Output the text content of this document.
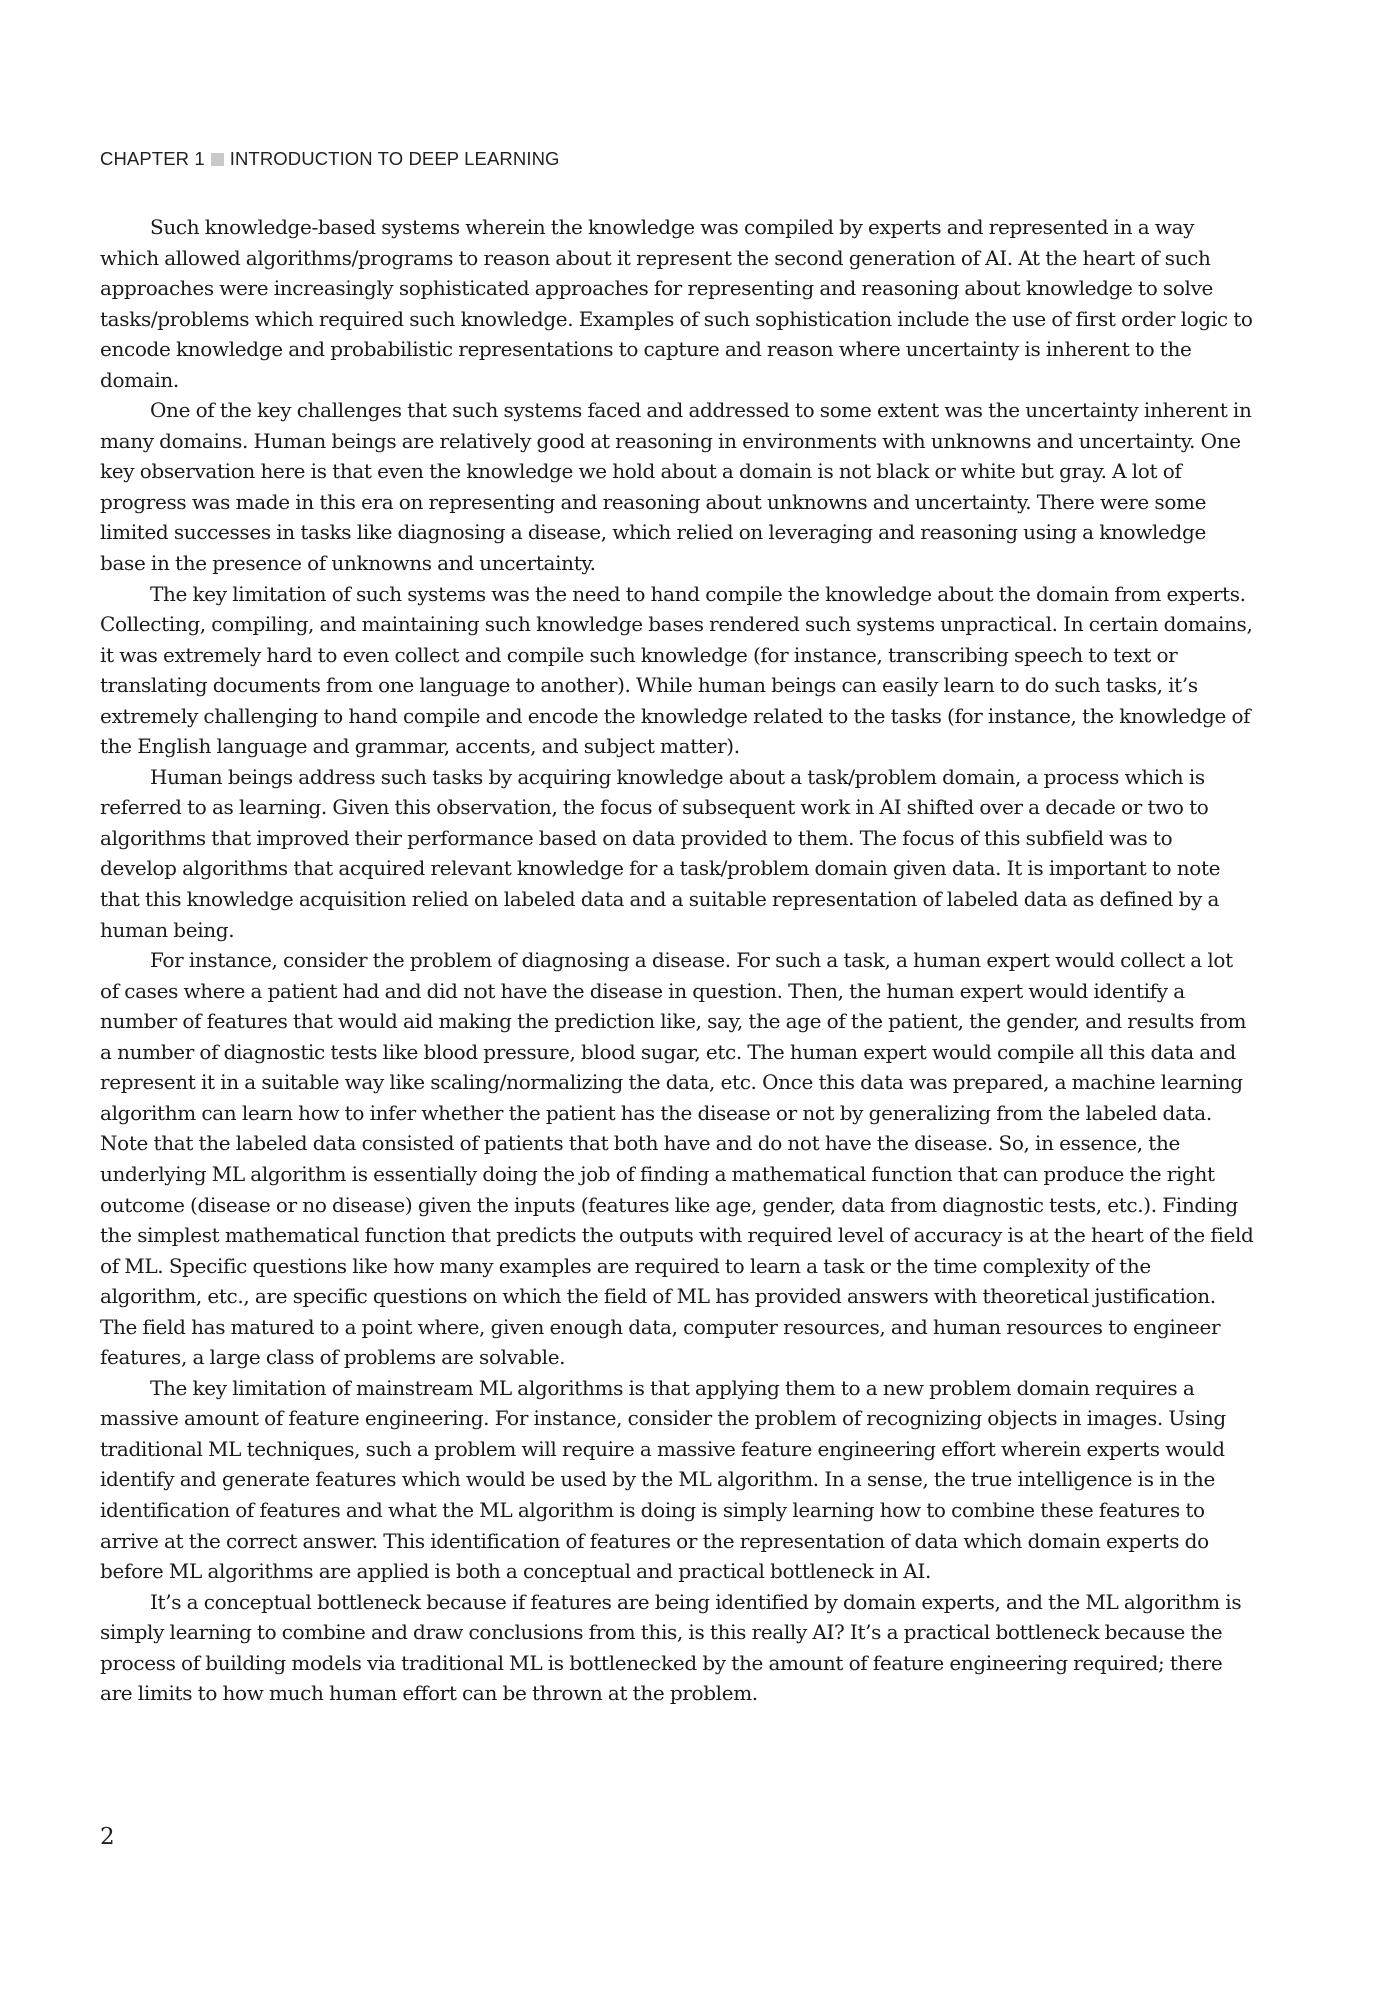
CHAPTER 1 INTRODUCTION TO DEEP LEARNING

Such knowledge-based systems wherein the knowledge was compiled by experts and represented in a way which allowed algorithms/programs to reason about it represent the second generation of AI. At the heart of such approaches were increasingly sophisticated approaches for representing and reasoning about knowledge to solve tasks/problems which required such knowledge. Examples of such sophistication include the use of first order logic to encode knowledge and probabilistic representations to capture and reason where uncertainty is inherent to the domain.

One of the key challenges that such systems faced and addressed to some extent was the uncertainty inherent in many domains. Human beings are relatively good at reasoning in environments with unknowns and uncertainty. One key observation here is that even the knowledge we hold about a domain is not black or white but gray. A lot of progress was made in this era on representing and reasoning about unknowns and uncertainty. There were some limited successes in tasks like diagnosing a disease, which relied on leveraging and reasoning using a knowledge base in the presence of unknowns and uncertainty.

The key limitation of such systems was the need to hand compile the knowledge about the domain from experts. Collecting, compiling, and maintaining such knowledge bases rendered such systems unpractical. In certain domains, it was extremely hard to even collect and compile such knowledge (for instance, transcribing speech to text or translating documents from one language to another). While human beings can easily learn to do such tasks, it’s extremely challenging to hand compile and encode the knowledge related to the tasks (for instance, the knowledge of the English language and grammar, accents, and subject matter).

Human beings address such tasks by acquiring knowledge about a task/problem domain, a process which is referred to as learning. Given this observation, the focus of subsequent work in AI shifted over a decade or two to algorithms that improved their performance based on data provided to them. The focus of this subfield was to develop algorithms that acquired relevant knowledge for a task/problem domain given data. It is important to note that this knowledge acquisition relied on labeled data and a suitable representation of labeled data as defined by a human being.

For instance, consider the problem of diagnosing a disease. For such a task, a human expert would collect a lot of cases where a patient had and did not have the disease in question. Then, the human expert would identify a number of features that would aid making the prediction like, say, the age of the patient, the gender, and results from a number of diagnostic tests like blood pressure, blood sugar, etc. The human expert would compile all this data and represent it in a suitable way like scaling/normalizing the data, etc. Once this data was prepared, a machine learning algorithm can learn how to infer whether the patient has the disease or not by generalizing from the labeled data. Note that the labeled data consisted of patients that both have and do not have the disease. So, in essence, the underlying ML algorithm is essentially doing the job of finding a mathematical function that can produce the right outcome (disease or no disease) given the inputs (features like age, gender, data from diagnostic tests, etc.). Finding the simplest mathematical function that predicts the outputs with required level of accuracy is at the heart of the field of ML. Specific questions like how many examples are required to learn a task or the time complexity of the algorithm, etc., are specific questions on which the field of ML has provided answers with theoretical justification. The field has matured to a point where, given enough data, computer resources, and human resources to engineer features, a large class of problems are solvable.

The key limitation of mainstream ML algorithms is that applying them to a new problem domain requires a massive amount of feature engineering. For instance, consider the problem of recognizing objects in images. Using traditional ML techniques, such a problem will require a massive feature engineering effort wherein experts would identify and generate features which would be used by the ML algorithm. In a sense, the true intelligence is in the identification of features and what the ML algorithm is doing is simply learning how to combine these features to arrive at the correct answer. This identification of features or the representation of data which domain experts do before ML algorithms are applied is both a conceptual and practical bottleneck in AI.

It’s a conceptual bottleneck because if features are being identified by domain experts, and the ML algorithm is simply learning to combine and draw conclusions from this, is this really AI? It’s a practical bottleneck because the process of building models via traditional ML is bottlenecked by the amount of feature engineering required; there are limits to how much human effort can be thrown at the problem.

2
